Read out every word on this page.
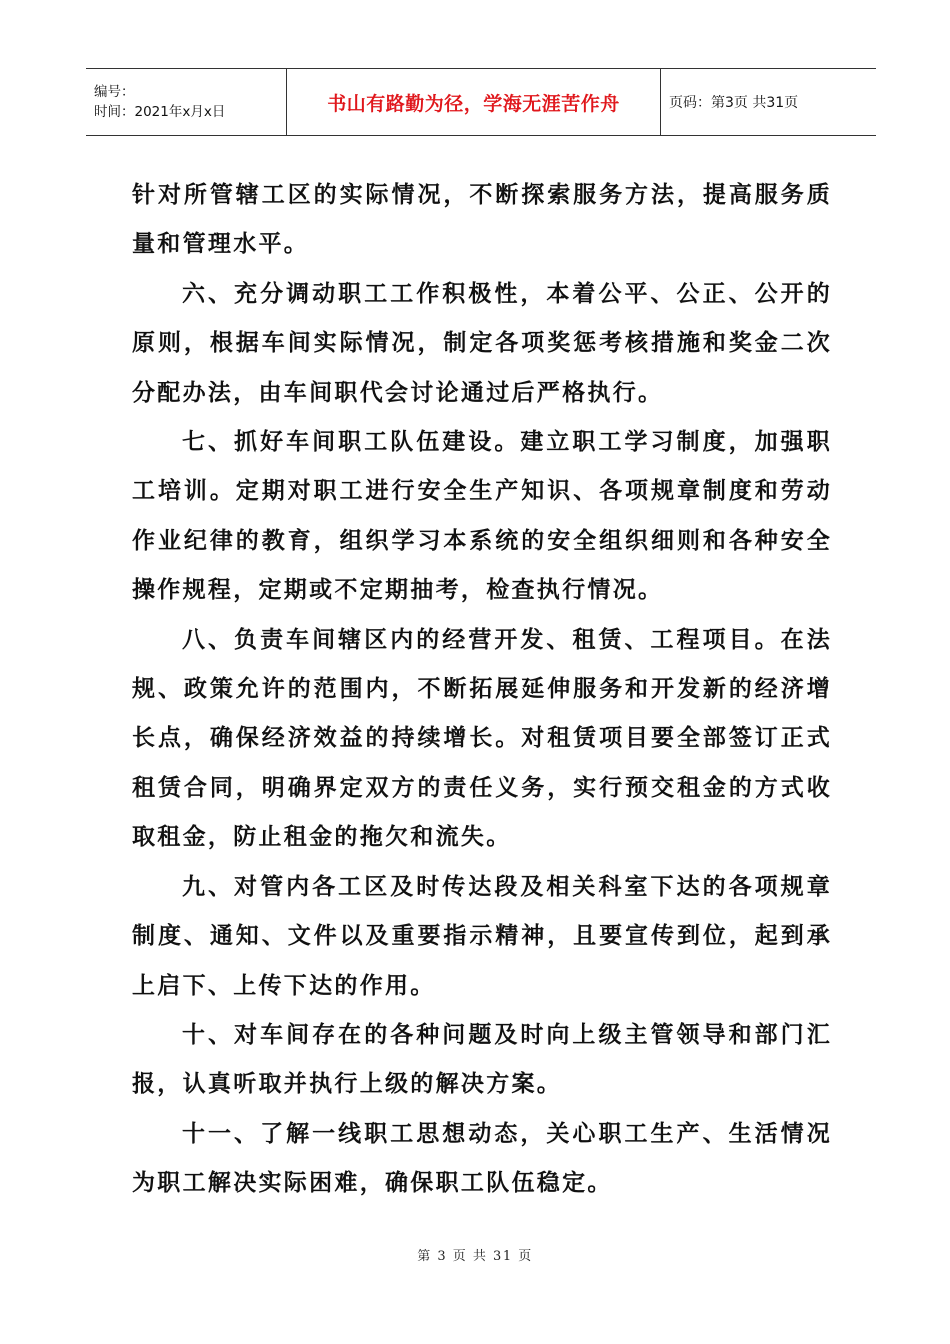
编号：
时间：2021年x月x日	书山有路勤为径，学海无涯苦作舟	页码：第3页 共31页

针对所管辖工区的实际情况，不断探索服务方法，提高服务质量和管理水平。

六、充分调动职工工作积极性，本着公平、公正、公开的原则，根据车间实际情况，制定各项奖惩考核措施和奖金二次分配办法，由车间职代会讨论通过后严格执行。

七、抓好车间职工队伍建设。建立职工学习制度，加强职工培训。定期对职工进行安全生产知识、各项规章制度和劳动作业纪律的教育，组织学习本系统的安全组织细则和各种安全操作规程，定期或不定期抽考，检查执行情况。

八、负责车间辖区内的经营开发、租赁、工程项目。在法规、政策允许的范围内，不断拓展延伸服务和开发新的经济增长点，确保经济效益的持续增长。对租赁项目要全部签订正式租赁合同，明确界定双方的责任义务，实行预交租金的方式收取租金，防止租金的拖欠和流失。

九、对管内各工区及时传达段及相关科室下达的各项规章制度、通知、文件以及重要指示精神，且要宣传到位，起到承上启下、上传下达的作用。

十、对车间存在的各种问题及时向上级主管领导和部门汇报，认真听取并执行上级的解决方案。

十一、了解一线职工思想动态，关心职工生产、生活情况为职工解决实际困难，确保职工队伍稳定。

第 3 页 共 31 页
